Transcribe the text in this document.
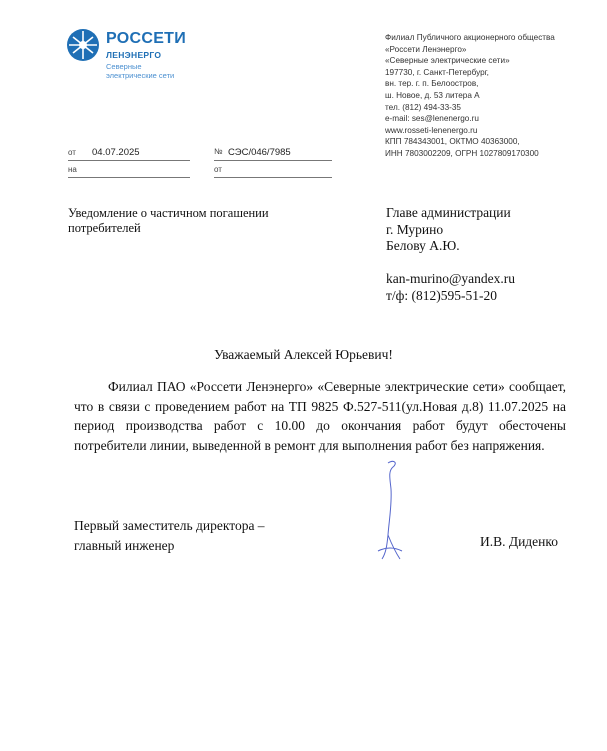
РОССЕТИ
ЛЕНЭНЕРГО
Северные
электрические сети
Филиал Публичного акционерного общества
«Россети Ленэнерго»
«Северные электрические сети»
197730, г. Санкт-Петербург,
вн. тер. г. п. Белоостров,
ш. Новое, д. 53 литера А
тел. (812) 494-33-35
e-mail: ses@lenenergo.ru
www.rosseti-lenenergo.ru
КПП 784343001, ОКТМО 40363000,
ИНН 7803002209, ОГРН 1027809170300
от 04.07.2025	№ СЭС/046/7985
на	от
Уведомление о частичном погашении потребителей
Главе администрации
г. Мурино
Белову А.Ю.
kan-murino@yandex.ru
т/ф: (812)595-51-20
Уважаемый Алексей Юрьевич!
Филиал ПАО «Россети Ленэнерго» «Северные электрические сети» сообщает, что в связи с проведением работ на ТП 9825 Ф.527-511(ул.Новая д.8) 11.07.2025 на период производства работ с 10.00 до окончания работ будут обесточены потребители линии, выведенной в ремонт для выполнения работ без напряжения.
Первый заместитель директора –
главный инженер	И.В. Диденко
